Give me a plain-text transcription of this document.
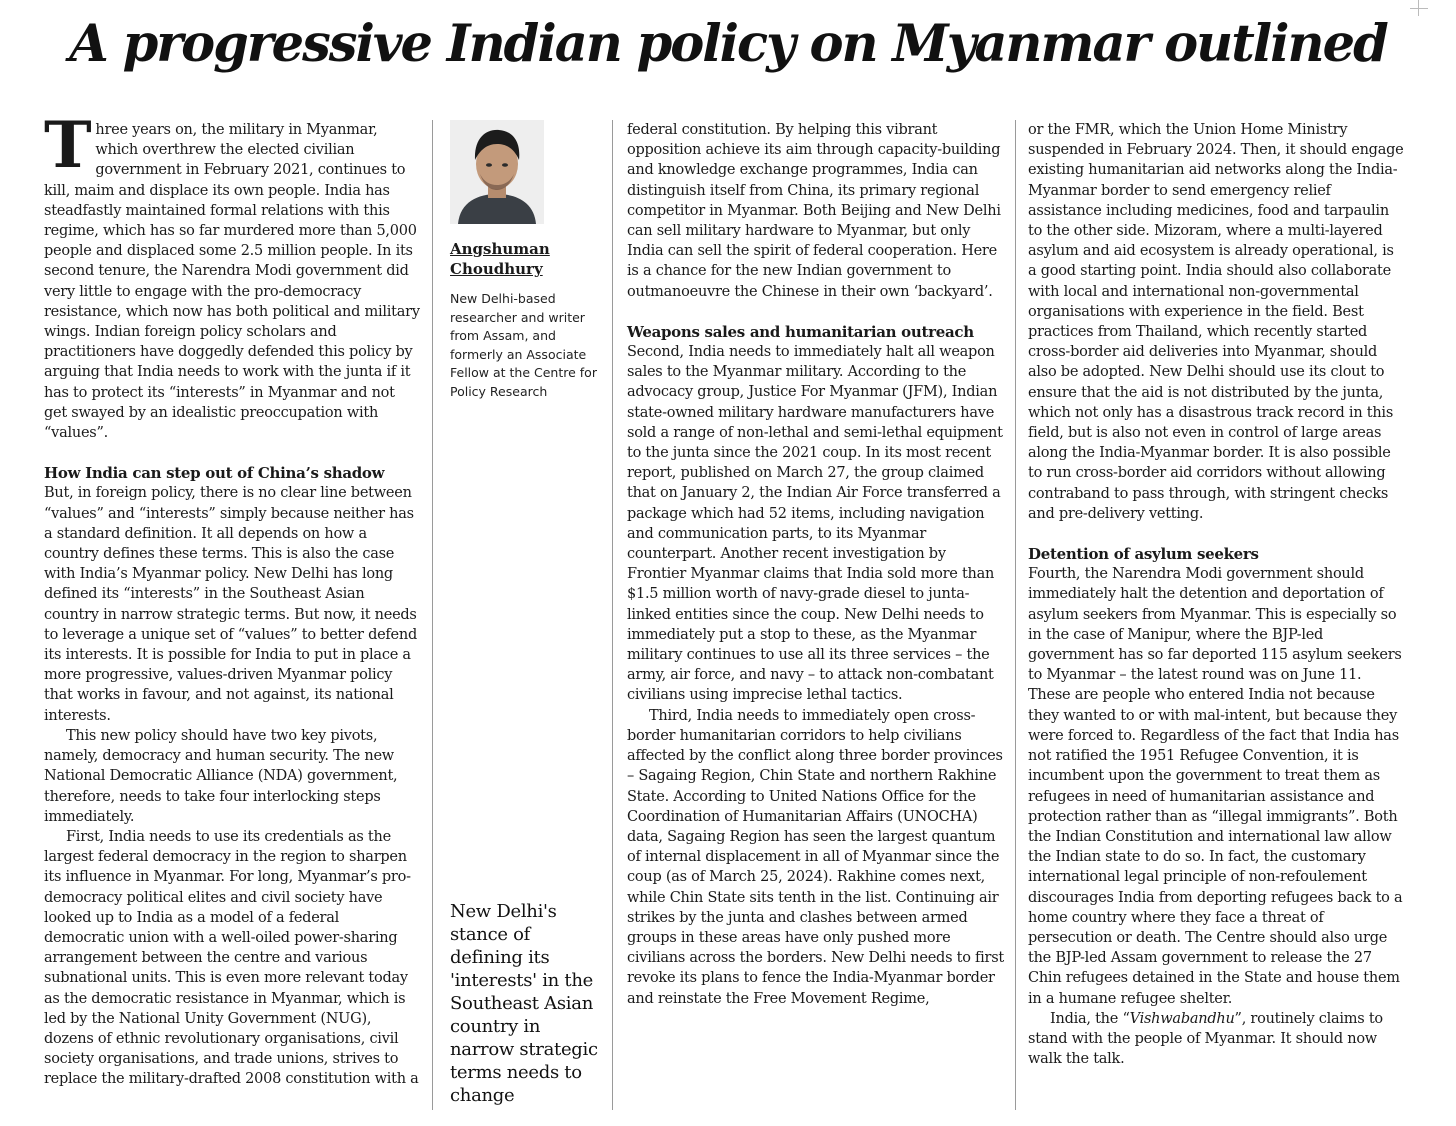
A progressive Indian policy on Myanmar outlined

Three years on, the military in Myanmar, which overthrew the elected civilian government in February 2021, continues to kill, maim and displace its own people. India has steadfastly maintained formal relations with this regime, which has so far murdered more than 5,000 people and displaced some 2.5 million people. In its second tenure, the Narendra Modi government did very little to engage with the pro-democracy resistance, which now has both political and military wings. Indian foreign policy scholars and practitioners have doggedly defended this policy by arguing that India needs to work with the junta if it has to protect its “interests” in Myanmar and not get swayed by an idealistic preoccupation with “values”.

How India can step out of China’s shadow

But, in foreign policy, there is no clear line between “values” and “interests” simply because neither has a standard definition. It all depends on how a country defines these terms. This is also the case with India’s Myanmar policy. New Delhi has long defined its “interests” in the Southeast Asian country in narrow strategic terms. But now, it needs to leverage a unique set of “values” to better defend its interests. It is possible for India to put in place a more progressive, values-driven Myanmar policy that works in favour, and not against, its national interests.

This new policy should have two key pivots, namely, democracy and human security. The new National Democratic Alliance (NDA) government, therefore, needs to take four interlocking steps immediately.

First, India needs to use its credentials as the largest federal democracy in the region to sharpen its influence in Myanmar. For long, Myanmar’s pro-democracy political elites and civil society have looked up to India as a model of a federal democratic union with a well-oiled power-sharing arrangement between the centre and various subnational units. This is even more relevant today as the democratic resistance in Myanmar, which is led by the National Unity Government (NUG), dozens of ethnic revolutionary organisations, civil society organisations, and trade unions, strives to replace the military-drafted 2008 constitution with a

Angshuman Choudhury
New Delhi-based researcher and writer from Assam, and formerly an Associate Fellow at the Centre for Policy Research
New Delhi's stance of defining its 'interests' in the Southeast Asian country in narrow strategic terms needs to change

federal constitution. By helping this vibrant opposition achieve its aim through capacity-building and knowledge exchange programmes, India can distinguish itself from China, its primary regional competitor in Myanmar. Both Beijing and New Delhi can sell military hardware to Myanmar, but only India can sell the spirit of federal cooperation. Here is a chance for the new Indian government to outmanoeuvre the Chinese in their own ‘backyard’.

Weapons sales and humanitarian outreach

Second, India needs to immediately halt all weapon sales to the Myanmar military. According to the advocacy group, Justice For Myanmar (JFM), Indian state-owned military hardware manufacturers have sold a range of non-lethal and semi-lethal equipment to the junta since the 2021 coup. In its most recent report, published on March 27, the group claimed that on January 2, the Indian Air Force transferred a package which had 52 items, including navigation and communication parts, to its Myanmar counterpart. Another recent investigation by Frontier Myanmar claims that India sold more than $1.5 million worth of navy-grade diesel to junta-linked entities since the coup. New Delhi needs to immediately put a stop to these, as the Myanmar military continues to use all its three services – the army, air force, and navy – to attack non-combatant civilians using imprecise lethal tactics.

Third, India needs to immediately open cross-border humanitarian corridors to help civilians affected by the conflict along three border provinces – Sagaing Region, Chin State and northern Rakhine State. According to United Nations Office for the Coordination of Humanitarian Affairs (UNOCHA) data, Sagaing Region has seen the largest quantum of internal displacement in all of Myanmar since the coup (as of March 25, 2024). Rakhine comes next, while Chin State sits tenth in the list. Continuing air strikes by the junta and clashes between armed groups in these areas have only pushed more civilians across the borders. New Delhi needs to first revoke its plans to fence the India-Myanmar border and reinstate the Free Movement Regime,

or the FMR, which the Union Home Ministry suspended in February 2024. Then, it should engage existing humanitarian aid networks along the India-Myanmar border to send emergency relief assistance including medicines, food and tarpaulin to the other side. Mizoram, where a multi-layered asylum and aid ecosystem is already operational, is a good starting point. India should also collaborate with local and international non-governmental organisations with experience in the field. Best practices from Thailand, which recently started cross-border aid deliveries into Myanmar, should also be adopted. New Delhi should use its clout to ensure that the aid is not distributed by the junta, which not only has a disastrous track record in this field, but is also not even in control of large areas along the India-Myanmar border. It is also possible to run cross-border aid corridors without allowing contraband to pass through, with stringent checks and pre-delivery vetting.

Detention of asylum seekers

Fourth, the Narendra Modi government should immediately halt the detention and deportation of asylum seekers from Myanmar. This is especially so in the case of Manipur, where the BJP-led government has so far deported 115 asylum seekers to Myanmar – the latest round was on June 11. These are people who entered India not because they wanted to or with mal-intent, but because they were forced to. Regardless of the fact that India has not ratified the 1951 Refugee Convention, it is incumbent upon the government to treat them as refugees in need of humanitarian assistance and protection rather than as “illegal immigrants”. Both the Indian Constitution and international law allow the Indian state to do so. In fact, the customary international legal principle of non-refoulement discourages India from deporting refugees back to a home country where they face a threat of persecution or death. The Centre should also urge the BJP-led Assam government to release the 27 Chin refugees detained in the State and house them in a humane refugee shelter.

India, the “Vishwabandhu”, routinely claims to stand with the people of Myanmar. It should now walk the talk.
